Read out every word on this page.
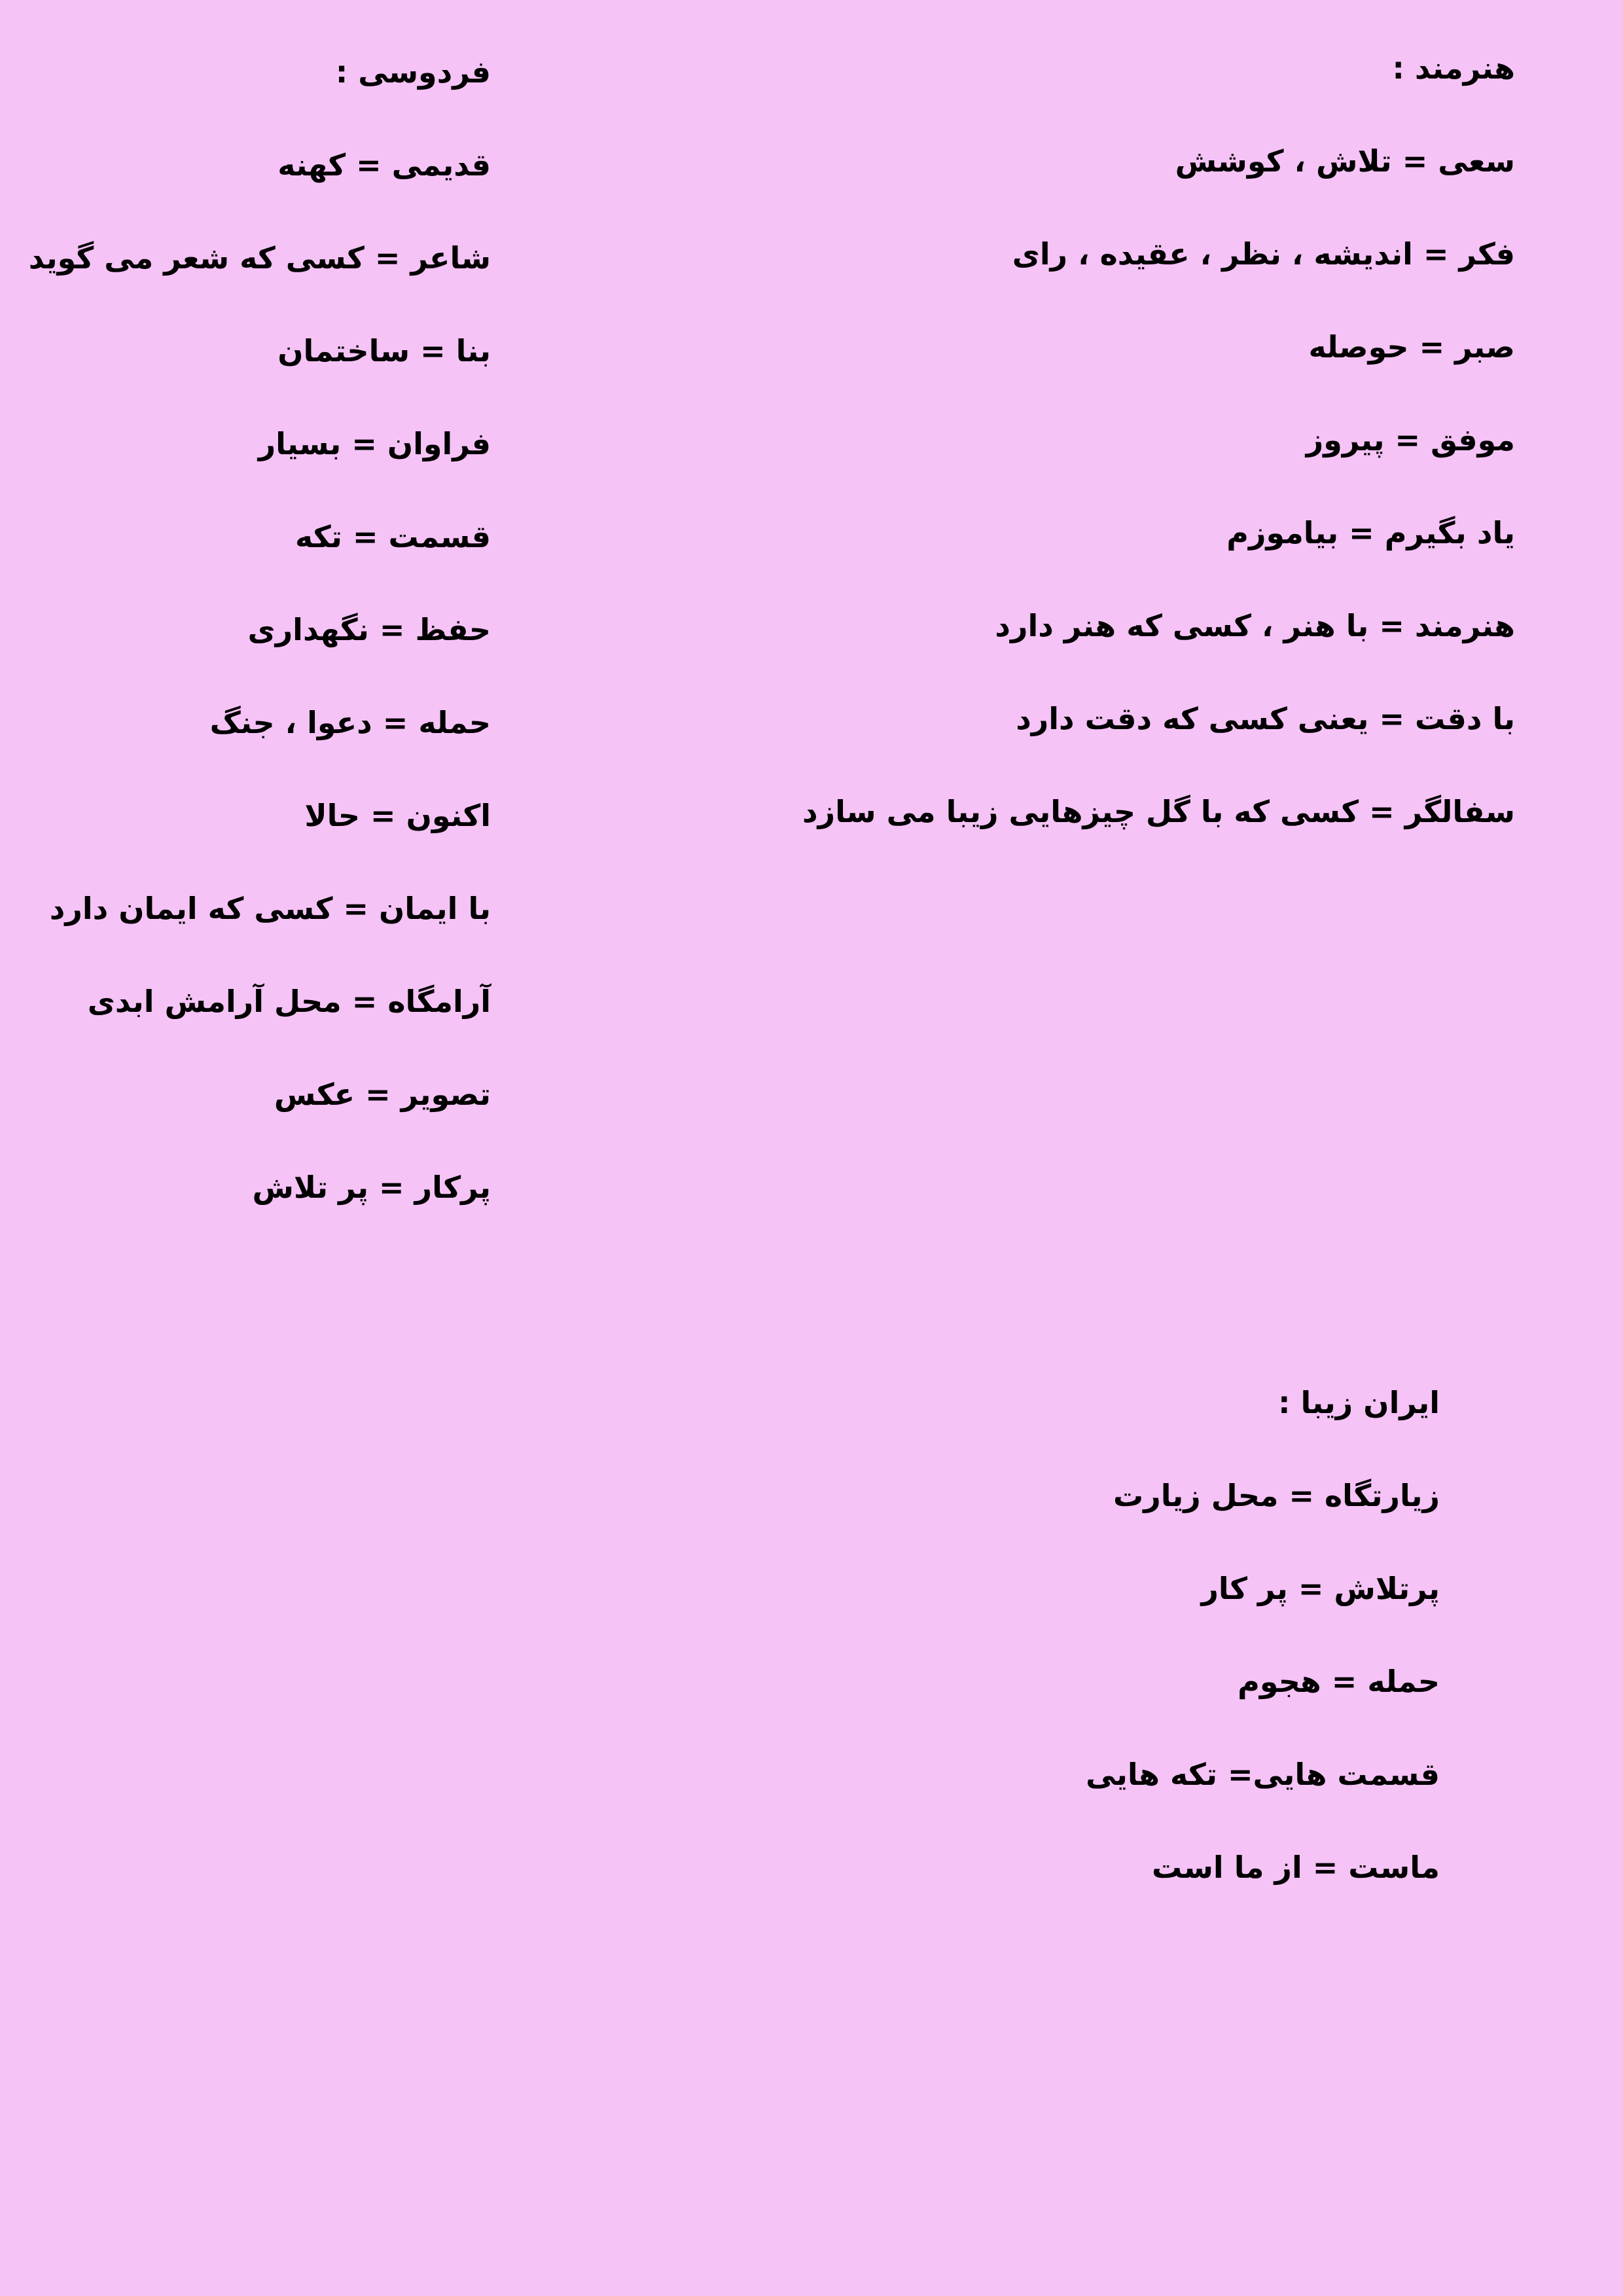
هنرمند :
سعی = تلاش ، کوشش
فکر = اندیشه ، نظر ، عقیده ، رای
صبر = حوصله
موفق = پیروز
یاد بگیرم = بیاموزم
هنرمند = با هنر ، کسی که هنر دارد
با دقت = یعنی کسی که دقت دارد
سفالگر = کسی که با گل چیزهایی زیبا می سازد
فردوسی :
قدیمی = کهنه
شاعر = کسی که شعر می گوید
بنا = ساختمان
فراوان = بسیار
قسمت = تکه
حفظ = نگهداری
حمله = دعوا ، جنگ
اکنون = حالا
با ایمان = کسی که ایمان دارد
آرامگاه = محل آرامش ابدی
تصویر = عکس
پرکار = پر تلاش
ایران زیبا :
زیارتگاه = محل زیارت
پرتلاش = پر کار
حمله = هجوم
قسمت هایی= تکه هایی
ماست = از ما است
